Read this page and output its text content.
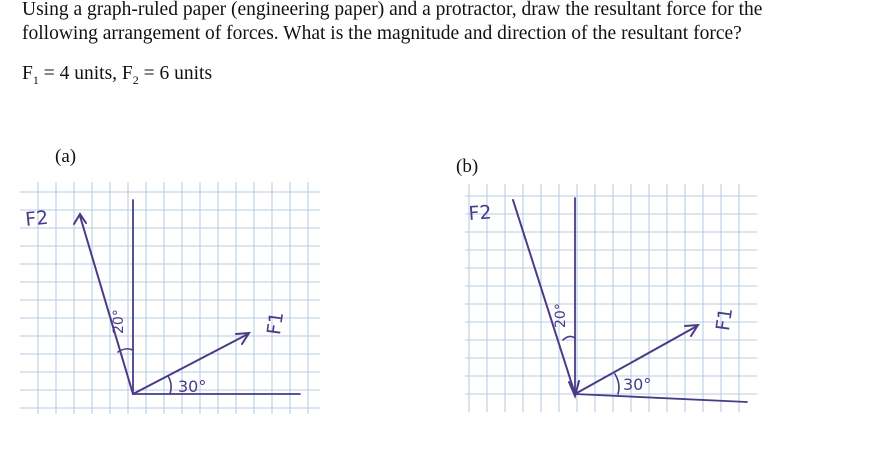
Using a graph-ruled paper (engineering paper) and a protractor, draw the resultant force for the
following arrangement of forces. What is the magnitude and direction of the resultant force?
$F_1 = 4$ units, $F_2 = 6$ units
(a)	(b)
F2
20°
30°
F1
F2
20°
30°
F1
